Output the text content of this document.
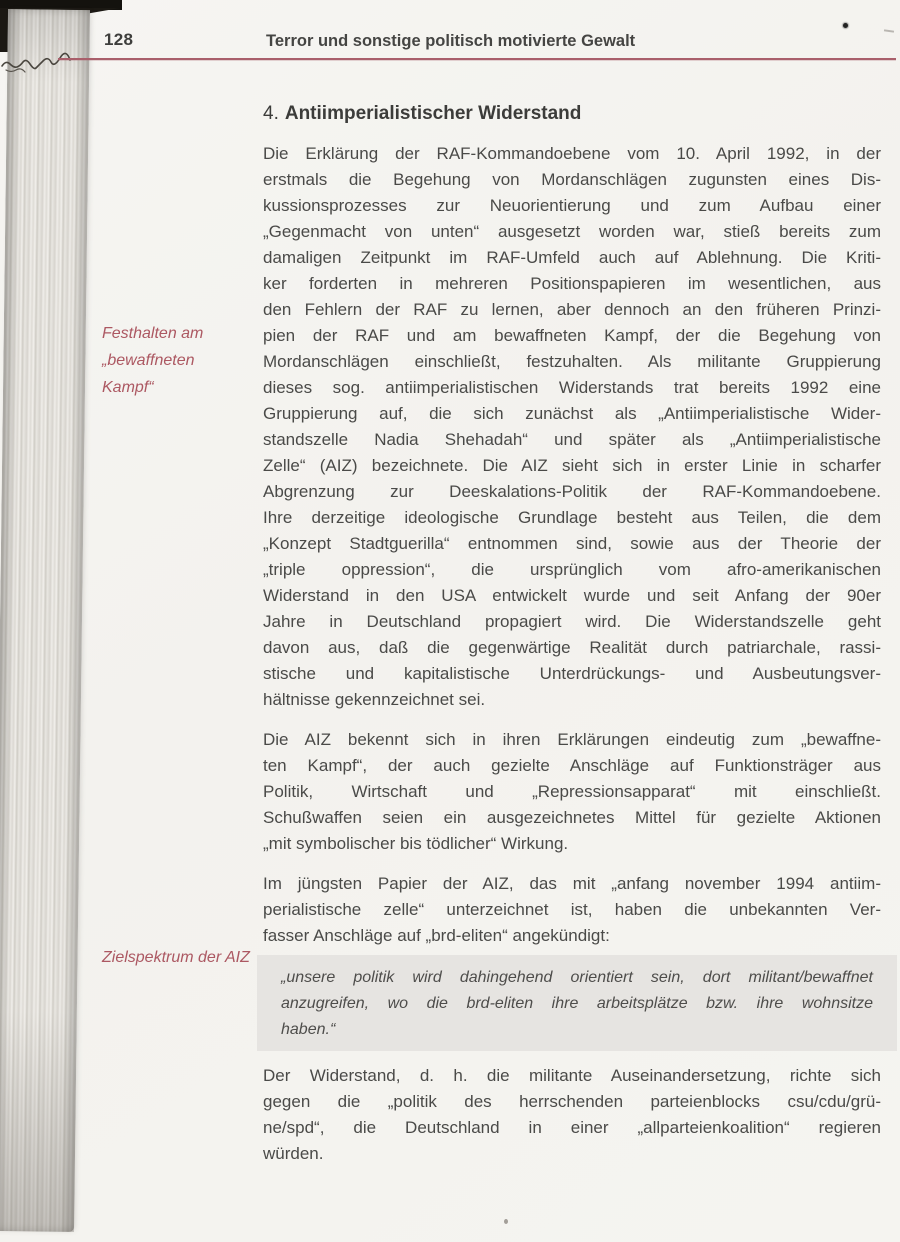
128	Terror und sonstige politisch motivierte Gewalt
Festhalten am „bewaffneten Kampf“
Zielspektrum der AIZ
4. Antiimperialistischer Widerstand
Die Erklärung der RAF-Kommandoebene vom 10. April 1992, in der
erstmals die Begehung von Mordanschlägen zugunsten eines Dis-
kussionsprozesses zur Neuorientierung und zum Aufbau einer
„Gegenmacht von unten“ ausgesetzt worden war, stieß bereits zum
damaligen Zeitpunkt im RAF-Umfeld auch auf Ablehnung. Die Kriti-
ker forderten in mehreren Positionspapieren im wesentlichen, aus
den Fehlern der RAF zu lernen, aber dennoch an den früheren Prinzi-
pien der RAF und am bewaffneten Kampf, der die Begehung von
Mordanschlägen einschließt, festzuhalten. Als militante Gruppierung
dieses sog. antiimperialistischen Widerstands trat bereits 1992 eine
Gruppierung auf, die sich zunächst als „Antiimperialistische Wider-
standszelle Nadia Shehadah“ und später als „Antiimperialistische
Zelle“ (AIZ) bezeichnete. Die AIZ sieht sich in erster Linie in scharfer
Abgrenzung zur Deeskalations-Politik der RAF-Kommandoebene.
Ihre derzeitige ideologische Grundlage besteht aus Teilen, die dem
„Konzept Stadtguerilla“ entnommen sind, sowie aus der Theorie der
„triple oppression“, die ursprünglich vom afro-amerikanischen
Widerstand in den USA entwickelt wurde und seit Anfang der 90er
Jahre in Deutschland propagiert wird. Die Widerstandszelle geht
davon aus, daß die gegenwärtige Realität durch patriarchale, rassi-
stische und kapitalistische Unterdrückungs- und Ausbeutungsver-
hältnisse gekennzeichnet sei.
Die AIZ bekennt sich in ihren Erklärungen eindeutig zum „bewaffne-
ten Kampf“, der auch gezielte Anschläge auf Funktionsträger aus
Politik, Wirtschaft und „Repressionsapparat“ mit einschließt.
Schußwaffen seien ein ausgezeichnetes Mittel für gezielte Aktionen
„mit symbolischer bis tödlicher“ Wirkung.
Im jüngsten Papier der AIZ, das mit „anfang november 1994 antiim-
perialistische zelle“ unterzeichnet ist, haben die unbekannten Ver-
fasser Anschläge auf „brd-eliten“ angekündigt:
„unsere politik wird dahingehend orientiert sein, dort militant/bewaffnet
anzugreifen, wo die brd-eliten ihre arbeitsplätze bzw. ihre wohnsitze
haben.“
Der Widerstand, d. h. die militante Auseinandersetzung, richte sich
gegen die „politik des herrschenden parteienblocks csu/cdu/grü-
ne/spd“, die Deutschland in einer „allparteienkoalition“ regieren
würden.
